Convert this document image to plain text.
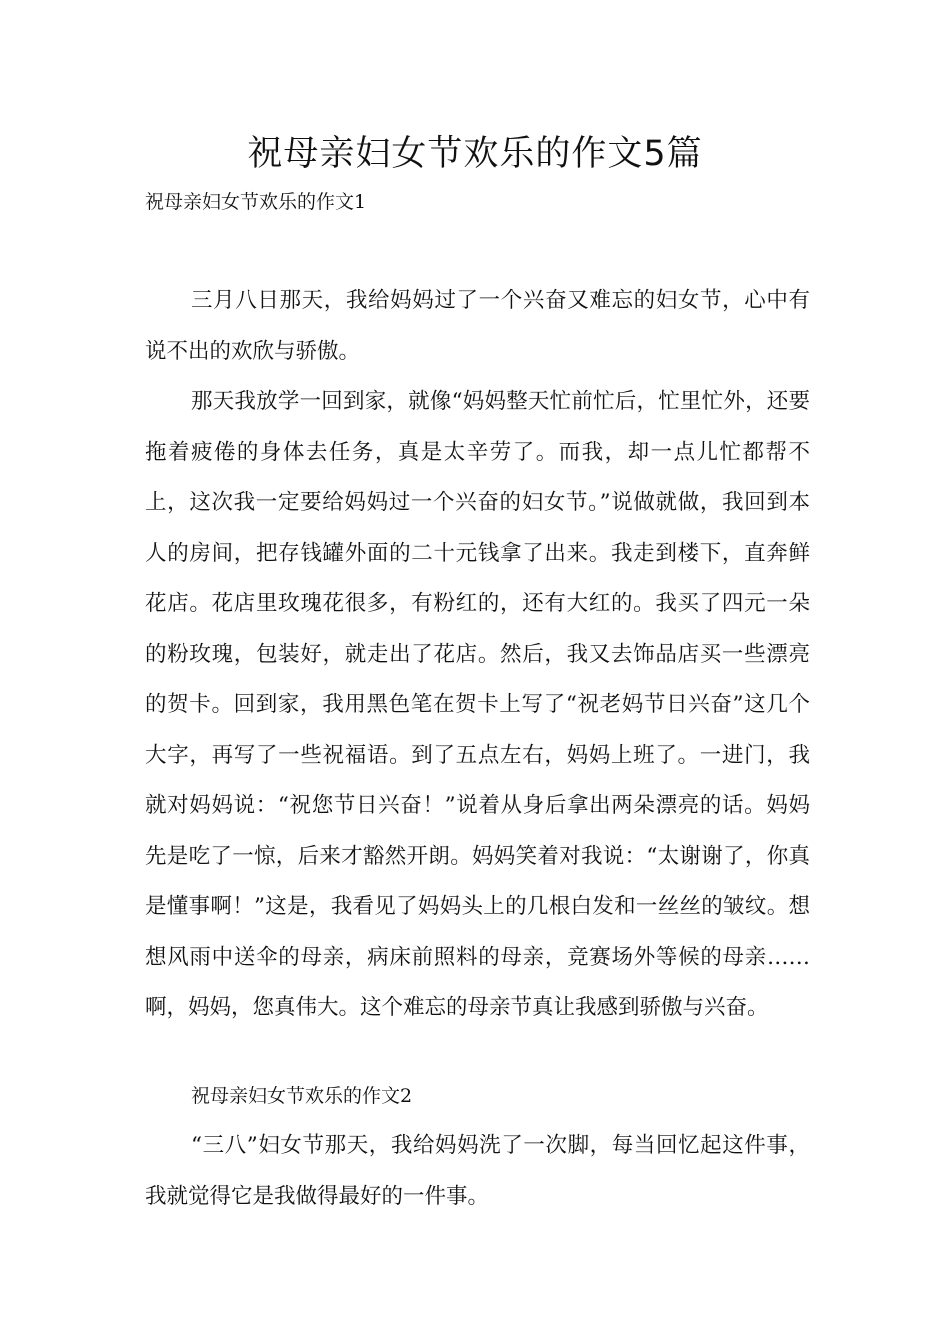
祝母亲妇女节欢乐的作文5篇

祝母亲妇女节欢乐的作文1

三月八日那天，我给妈妈过了一个兴奋又难忘的妇女节，心中有说不出的欢欣与骄傲。

那天我放学一回到家，就像“妈妈整天忙前忙后，忙里忙外，还要拖着疲倦的身体去任务，真是太辛劳了。而我，却一点儿忙都帮不上，这次我一定要给妈妈过一个兴奋的妇女节。”说做就做，我回到本人的房间，把存钱罐外面的二十元钱拿了出来。我走到楼下，直奔鲜花店。花店里玫瑰花很多，有粉红的，还有大红的。我买了四元一朵的粉玫瑰，包装好，就走出了花店。然后，我又去饰品店买一些漂亮的贺卡。回到家，我用黑色笔在贺卡上写了“祝老妈节日兴奋”这几个大字，再写了一些祝福语。到了五点左右，妈妈上班了。一进门，我就对妈妈说：“祝您节日兴奋！”说着从身后拿出两朵漂亮的话。妈妈先是吃了一惊，后来才豁然开朗。妈妈笑着对我说：“太谢谢了，你真是懂事啊！”这是，我看见了妈妈头上的几根白发和一丝丝的皱纹。想想风雨中送伞的母亲，病床前照料的母亲，竞赛场外等候的母亲……啊，妈妈，您真伟大。这个难忘的母亲节真让我感到骄傲与兴奋。

祝母亲妇女节欢乐的作文2

“三八”妇女节那天，我给妈妈洗了一次脚，每当回忆起这件事，我就觉得它是我做得最好的一件事。
